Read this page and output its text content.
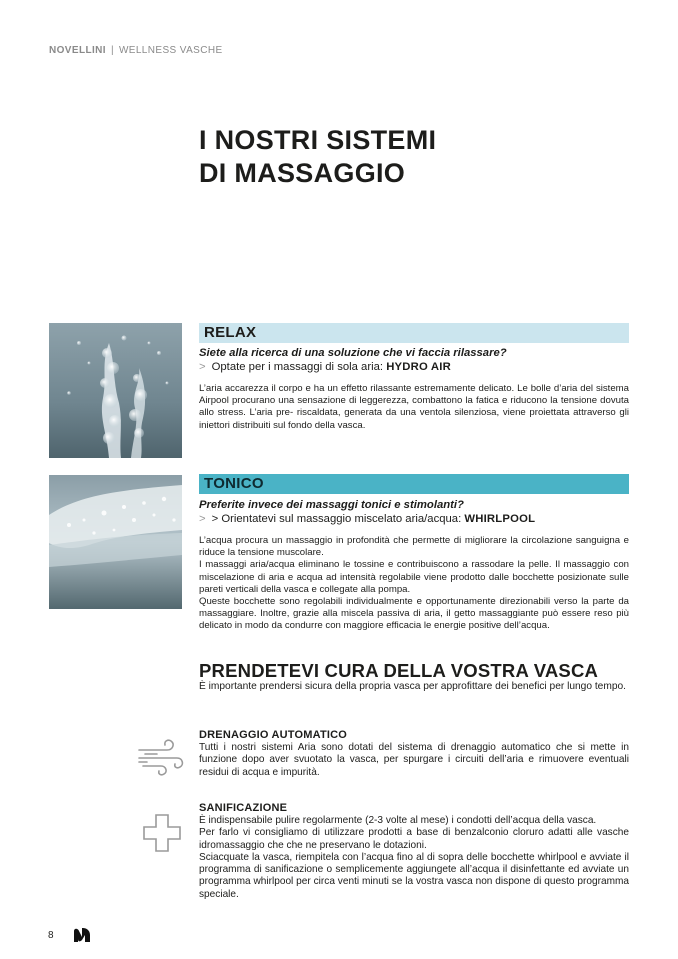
NOVELLINI | WELLNESS VASCHE
I NOSTRI SISTEMI
DI MASSAGGIO
RELAX
Siete alla ricerca di una soluzione che vi faccia rilassare?
> Optate per i massaggi di sola aria: HYDRO AIR
L’aria accarezza il corpo e ha un effetto rilassante estremamente delicato. Le bolle d’aria del sistema Airpool procurano una sensazione di leggerezza, combattono la fatica e riducono la tensione dovuta allo stress. L’aria pre- riscaldata, generata da una ventola silenziosa, viene proiettata attraverso gli iniettori distribuiti sul fondo della vasca.
TONICO
Preferite invece dei massaggi tonici e stimolanti?
> > Orientatevi sul massaggio miscelato aria/acqua: WHIRLPOOL

L’acqua procura un massaggio in profondità che permette di migliorare la circolazione sanguigna e riduce la tensione muscolare.

I massaggi aria/acqua eliminano le tossine e contribuiscono a rassodare la pelle. Il massaggio con miscelazione di aria e acqua ad intensità regolabile viene prodotto dalle bocchette posizionate sulle pareti verticali della vasca e collegate alla pompa.

Queste bocchette sono regolabili individualmente e opportunamente direzionabili verso la parte da massaggiare. Inoltre, grazie alla miscela passiva di aria, il getto massaggiante può essere reso più delicato in modo da condurre con maggiore efficacia le energie positive dell’acqua.

PRENDETEVI CURA DELLA VOSTRA VASCA
È importante prendersi sicura della propria vasca per approfittare dei benefici per lungo tempo.
DRENAGGIO AUTOMATICO
Tutti i nostri sistemi Aria sono dotati del sistema di drenaggio automatico che si mette in funzione dopo aver svuotato la vasca, per spurgare i circuiti dell’aria e rimuovere eventuali residui di acqua e impurità.
SANIFICAZIONE

È indispensabile pulire regolarmente (2-3 volte al mese) i condotti dell’acqua della vasca.

Per farlo vi consigliamo di utilizzare prodotti a base di benzalconio cloruro adatti alle vasche idromassaggio che che ne preservano le dotazioni.

Sciacquate la vasca, riempitela con l’acqua fino al di sopra delle bocchette whirlpool e avviate il programma di sanificazione o semplicemente aggiungete all’acqua il disinfettante ed avviate un programma whirlpool per circa venti minuti se la vostra vasca non dispone di questo programma speciale.

8
